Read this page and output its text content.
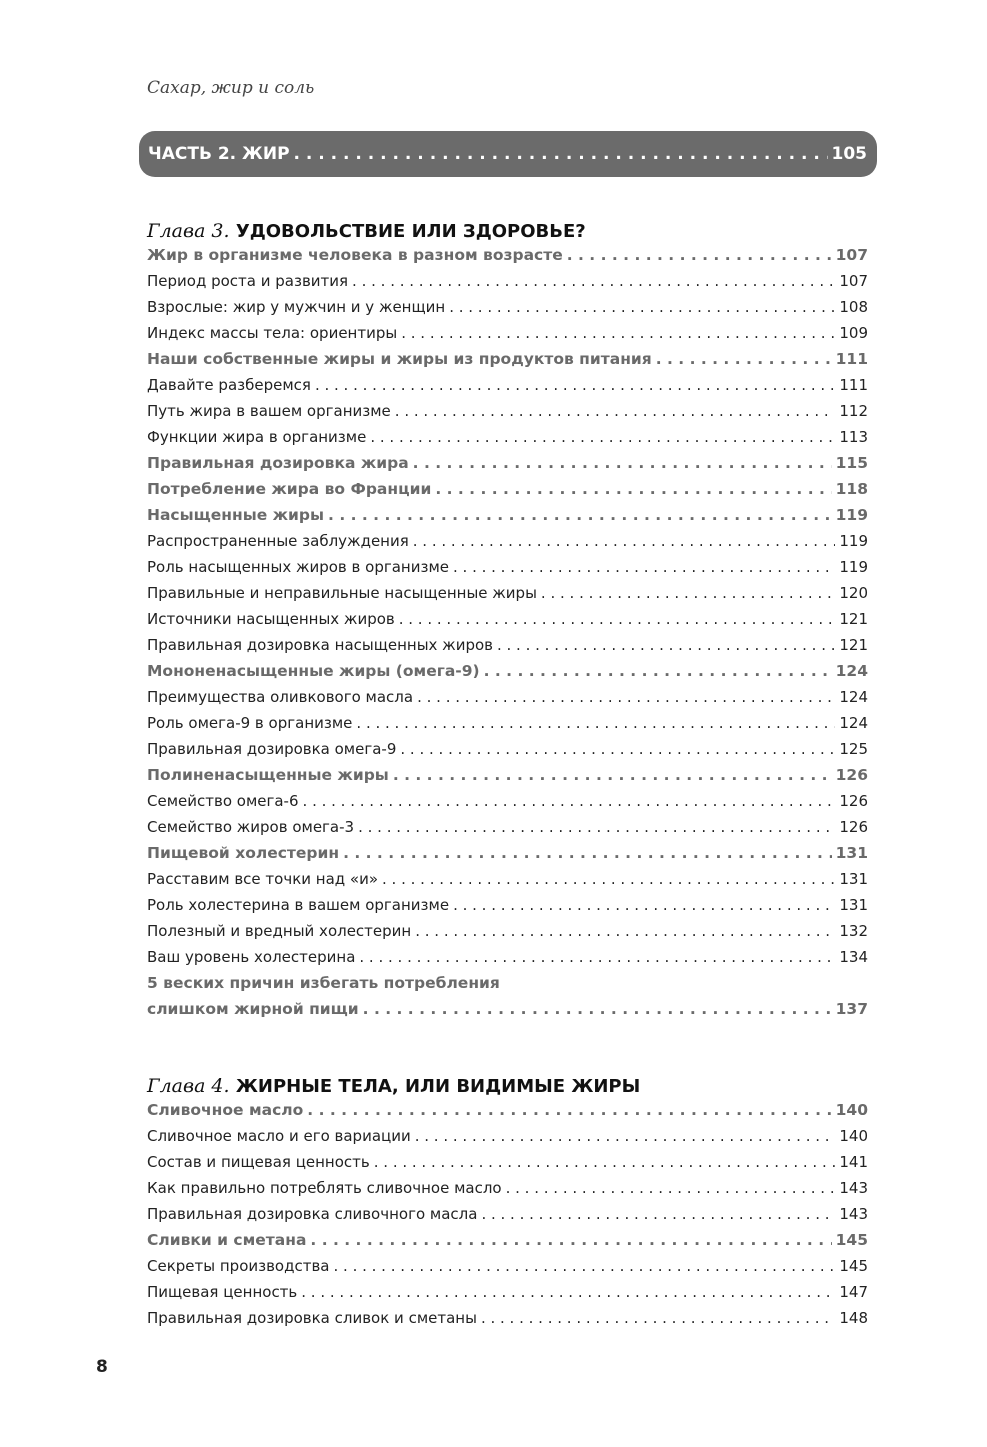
Сахар, жир и соль
ЧАСТЬ 2. ЖИР . . .	105
Глава 3. УДОВОЛЬСТВИЕ ИЛИ ЗДОРОВЬЕ?
Жир в организме человека в разном возрасте . . .	107
Период роста и развития . . .	107
Взрослые: жир у мужчин и у женщин . . .	108
Индекс массы тела: ориентиры . . .	109
Наши собственные жиры и жиры из продуктов питания . . .	111
Давайте разберемся . . .	111
Путь жира в вашем организме . . .	112
Функции жира в организме . . .	113
Правильная дозировка жира . . .	115
Потребление жира во Франции . . .	118
Насыщенные жиры . . .	119
Распространенные заблуждения . . .	119
Роль насыщенных жиров в организме . . .	119
Правильные и неправильные насыщенные жиры . . .	120
Источники насыщенных жиров . . .	121
Правильная дозировка насыщенных жиров . . .	121
Мононенасыщенные жиры (омега-9) . . .	124
Преимущества оливкового масла . . .	124
Роль омега-9 в организме . . .	124
Правильная дозировка омега-9 . . .	125
Полиненасыщенные жиры . . .	126
Семейство омега-6 . . .	126
Семейство жиров омега-3 . . .	126
Пищевой холестерин . . .	131
Расставим все точки над «и» . . .	131
Роль холестерина в вашем организме . . .	131
Полезный и вредный холестерин . . .	132
Ваш уровень холестерина . . .	134
5 веских причин избегать потребления
слишком жирной пищи . . .	137
Глава 4. ЖИРНЫЕ ТЕЛА, ИЛИ ВИДИМЫЕ ЖИРЫ
Сливочное масло . . .	140
Сливочное масло и его вариации . . .	140
Состав и пищевая ценность . . .	141
Как правильно потреблять сливочное масло . . .	143
Правильная дозировка сливочного масла . . .	143
Сливки и сметана . . .	145
Секреты производства . . .	145
Пищевая ценность . . .	147
Правильная дозировка сливок и сметаны . . .	148
8
